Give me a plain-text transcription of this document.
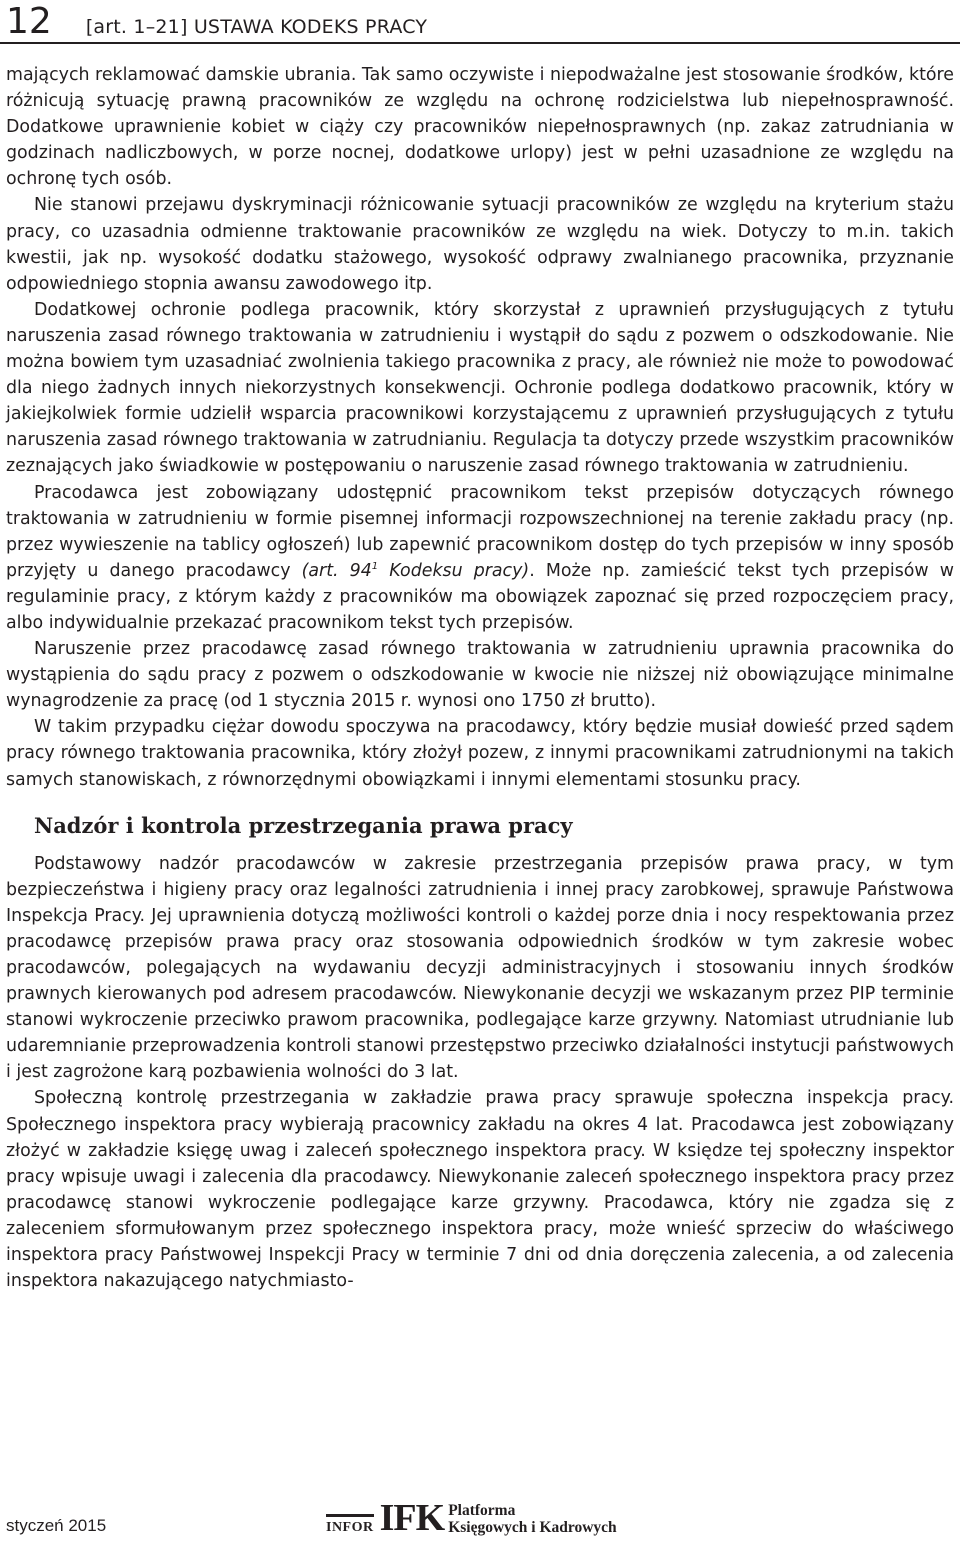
12 [art. 1–21] USTAWA KODEKS PRACY

mających reklamować damskie ubrania. Tak samo oczywiste i niepodważalne jest stosowanie środków, które różnicują sytuację prawną pracowników ze względu na ochronę rodzicielstwa lub niepełnosprawność. Dodatkowe uprawnienie kobiet w ciąży czy pracowników niepełnosprawnych (np. zakaz zatrudniania w godzinach nadliczbowych, w porze nocnej, dodatkowe urlopy) jest w pełni uzasadnione ze względu na ochronę tych osób.

Nie stanowi przejawu dyskryminacji różnicowanie sytuacji pracowników ze względu na kryterium stażu pracy, co uzasadnia odmienne traktowanie pracowników ze względu na wiek. Dotyczy to m.in. takich kwestii, jak np. wysokość dodatku stażowego, wysokość odprawy zwalnianego pracownika, przyznanie odpowiedniego stopnia awansu zawodowego itp.

Dodatkowej ochronie podlega pracownik, który skorzystał z uprawnień przysługujących z tytułu naruszenia zasad równego traktowania w zatrudnieniu i wystąpił do sądu z pozwem o odszkodowanie. Nie można bowiem tym uzasadniać zwolnienia takiego pracownika z pracy, ale również nie może to powodować dla niego żadnych innych niekorzystnych konsekwencji. Ochronie podlega dodatkowo pracownik, który w jakiejkolwiek formie udzielił wsparcia pracownikowi korzystającemu z uprawnień przysługujących z tytułu naruszenia zasad równego traktowania w zatrudnianiu. Regulacja ta dotyczy przede wszystkim pracowników zeznających jako świadkowie w postępowaniu o naruszenie zasad równego traktowania w zatrudnieniu.

Pracodawca jest zobowiązany udostępnić pracownikom tekst przepisów dotyczących równego traktowania w zatrudnieniu w formie pisemnej informacji rozpowszechnionej na terenie zakładu pracy (np. przez wywieszenie na tablicy ogłoszeń) lub zapewnić pracownikom dostęp do tych przepisów w inny sposób przyjęty u danego pracodawcy (art. $94^1$ Kodeksu pracy). Może np. zamieścić tekst tych przepisów w regulaminie pracy, z którym każdy z pracowników ma obowiązek zapoznać się przed rozpoczęciem pracy, albo indywidualnie przekazać pracownikom tekst tych przepisów.

Naruszenie przez pracodawcę zasad równego traktowania w zatrudnieniu uprawnia pracownika do wystąpienia do sądu pracy z pozwem o odszkodowanie w kwocie nie niższej niż obowiązujące minimalne wynagrodzenie za pracę (od 1 stycznia 2015 r. wynosi ono 1750 zł brutto).

W takim przypadku ciężar dowodu spoczywa na pracodawcy, który będzie musiał dowieść przed sądem pracy równego traktowania pracownika, który złożył pozew, z innymi pracownikami zatrudnionymi na takich samych stanowiskach, z równorzędnymi obowiązkami i innymi elementami stosunku pracy.

Nadzór i kontrola przestrzegania prawa pracy

Podstawowy nadzór pracodawców w zakresie przestrzegania przepisów prawa pracy, w tym bezpieczeństwa i higieny pracy oraz legalności zatrudnienia i innej pracy zarobkowej, sprawuje Państwowa Inspekcja Pracy. Jej uprawnienia dotyczą możliwości kontroli o każdej porze dnia i nocy respektowania przez pracodawcę przepisów prawa pracy oraz stosowania odpowiednich środków w tym zakresie wobec pracodawców, polegających na wydawaniu decyzji administracyjnych i stosowaniu innych środków prawnych kierowanych pod adresem pracodawców. Niewykonanie decyzji we wskazanym przez PIP terminie stanowi wykroczenie przeciwko prawom pracownika, podlegające karze grzywny. Natomiast utrudnianie lub udaremnianie przeprowadzenia kontroli stanowi przestępstwo przeciwko działalności instytucji państwowych i jest zagrożone karą pozbawienia wolności do 3 lat.

Społeczną kontrolę przestrzegania w zakładzie prawa pracy sprawuje społeczna inspekcja pracy. Społecznego inspektora pracy wybierają pracownicy zakładu na okres 4 lat. Pracodawca jest zobowiązany złożyć w zakładzie księgę uwag i zaleceń społecznego inspektora pracy. W księdze tej społeczny inspektor pracy wpisuje uwagi i zalecenia dla pracodawcy. Niewykonanie zaleceń społecznego inspektora pracy przez pracodawcę stanowi wykroczenie podlegające karze grzywny. Pracodawca, który nie zgadza się z zaleceniem sformułowanym przez społecznego inspektora pracy, może wnieść sprzeciw do właściwego inspektora pracy Państwowej Inspekcji Pracy w terminie 7 dni od dnia doręczenia zalecenia, a od zalecenia inspektora nakazującego natychmiasto-

styczeń 2015	INFOR IFK Platforma
Księgowych i Kadrowych
